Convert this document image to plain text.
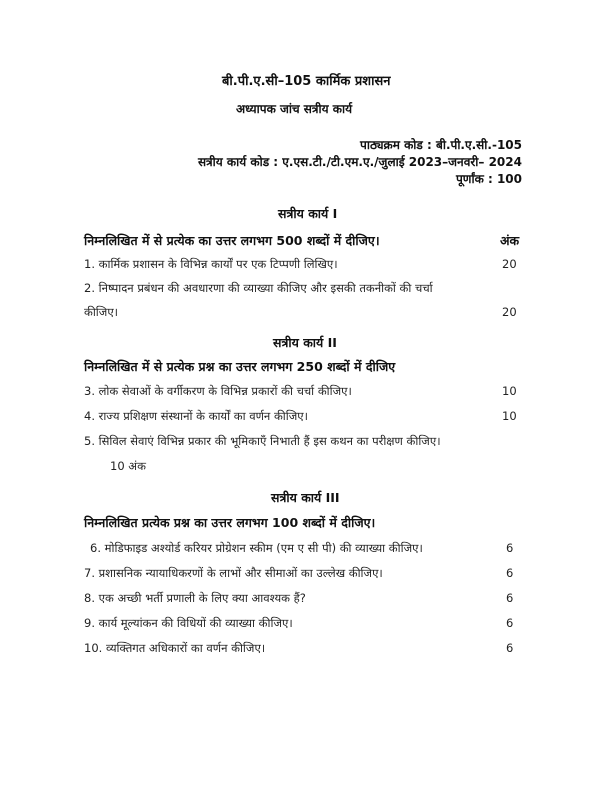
बी.पी.ए.सी–105 कार्मिक प्रशासन
अध्यापक जांच सत्रीय कार्य
पाठ्यक्रम कोड : बी.पी.ए.सी.-105
सत्रीय कार्य कोड : ए.एस.टी./टी.एम.ए./जुलाई 2023–जनवरी– 2024
पूर्णांक : 100
सत्रीय कार्य I
निम्नलिखित में से प्रत्येक का उत्तर लगभग 500 शब्दों में दीजिए।	अंक
1. कार्मिक प्रशासन के विभिन्न कार्यों पर एक टिप्पणी लिखिए।	20
2. निष्पादन प्रबंधन की अवधारणा की व्याख्या कीजिए और इसकी तकनीकों की चर्चा
कीजिए।	20
सत्रीय कार्य II
निम्नलिखित में से प्रत्येक प्रश्न का उत्तर लगभग 250 शब्दों में दीजिए
3. लोक सेवाओं के वर्गीकरण के विभिन्न प्रकारों की चर्चा कीजिए।	10
4. राज्य प्रशिक्षण संस्थानों के कार्यों का वर्णन कीजिए।	10
5. सिविल सेवाएं विभिन्न प्रकार की भूमिकाएँ निभाती हैं इस कथन का परीक्षण कीजिए।
10 अंक
सत्रीय कार्य III
निम्नलिखित प्रत्येक प्रश्न का उत्तर लगभग 100 शब्दों में दीजिए।
6. मोडिफाइड अश्योर्ड करियर प्रोग्रेशन स्कीम (एम ए सी पी) की व्याख्या कीजिए।	6
7. प्रशासनिक न्यायाधिकरणों के लाभों और सीमाओं का उल्लेख कीजिए।	6
8. एक अच्छी भर्ती प्रणाली के लिए क्या आवश्यक हैं?	6
9. कार्य मूल्यांकन की विधियों की व्याख्या कीजिए।	6
10. व्यक्तिगत अधिकारों का वर्णन कीजिए।	6
